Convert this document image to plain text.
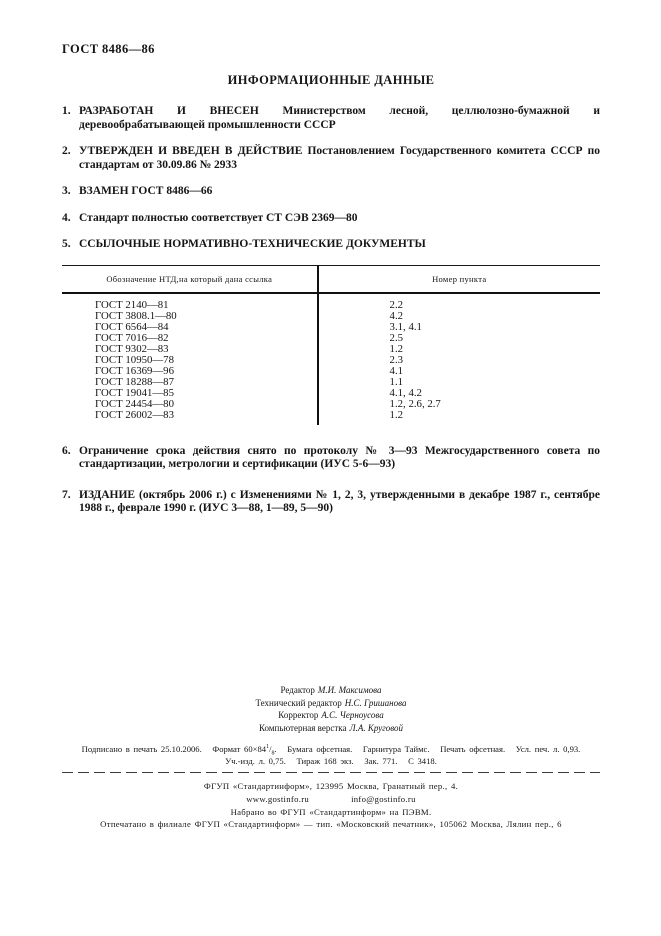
ГОСТ 8486—86
ИНФОРМАЦИОННЫЕ ДАННЫЕ
1. РАЗРАБОТАН И ВНЕСЕН Министерством лесной, целлюлозно-бумажной и деревообрабатывающей промышленности СССР
2. УТВЕРЖДЕН И ВВЕДЕН В ДЕЙСТВИЕ Постановлением Государственного комитета СССР по стандартам от 30.09.86 № 2933
3. ВЗАМЕН ГОСТ 8486—66
4. Стандарт полностью соответствует СТ СЭВ 2369—80
5. ССЫЛОЧНЫЕ НОРМАТИВНО-ТЕХНИЧЕСКИЕ ДОКУМЕНТЫ
Обозначение НТД,на который дана ссылка	Номер пункта
ГОСТ 2140—81	2.2
ГОСТ 3808.1—80	4.2
ГОСТ 6564—84	3.1, 4.1
ГОСТ 7016—82	2.5
ГОСТ 9302—83	1.2
ГОСТ 10950—78	2.3
ГОСТ 16369—96	4.1
ГОСТ 18288—87	1.1
ГОСТ 19041—85	4.1, 4.2
ГОСТ 24454—80	1.2, 2.6, 2.7
ГОСТ 26002—83	1.2
6. Ограничение срока действия снято по протоколу № 3—93 Межгосударственного совета по стандартизации, метрологии и сертификации (ИУС 5-6—93)
7. ИЗДАНИЕ (октябрь 2006 г.) с Изменениями № 1, 2, 3, утвержденными в декабре 1987 г., сентябре 1988 г., феврале 1990 г. (ИУС 3—88, 1—89, 5—90)
Редактор М.И. Максимова
Технический редактор Н.С. Гришанова
Корректор А.С. Черноусова
Компьютерная верстка Л.А. Круговой
Подписано в печать 25.10.2006. Формат $60\times 84^1/_8$. Бумага офсетная. Гарнитура Таймс. Печать офсетная. Усл. печ. л. 0,93.
Уч.-изд. л. 0,75. Тираж 168 экз. Зак. 771. С 3418.
ФГУП «Стандартинформ», 123995 Москва, Гранатный пер., 4.
www.gostinfo.ru	info@gostinfo.ru
Набрано во ФГУП «Стандартинформ» на ПЭВМ.
Отпечатано в филиале ФГУП «Стандартинформ» — тип. «Московский печатник», 105062 Москва, Лялин пер., 6
